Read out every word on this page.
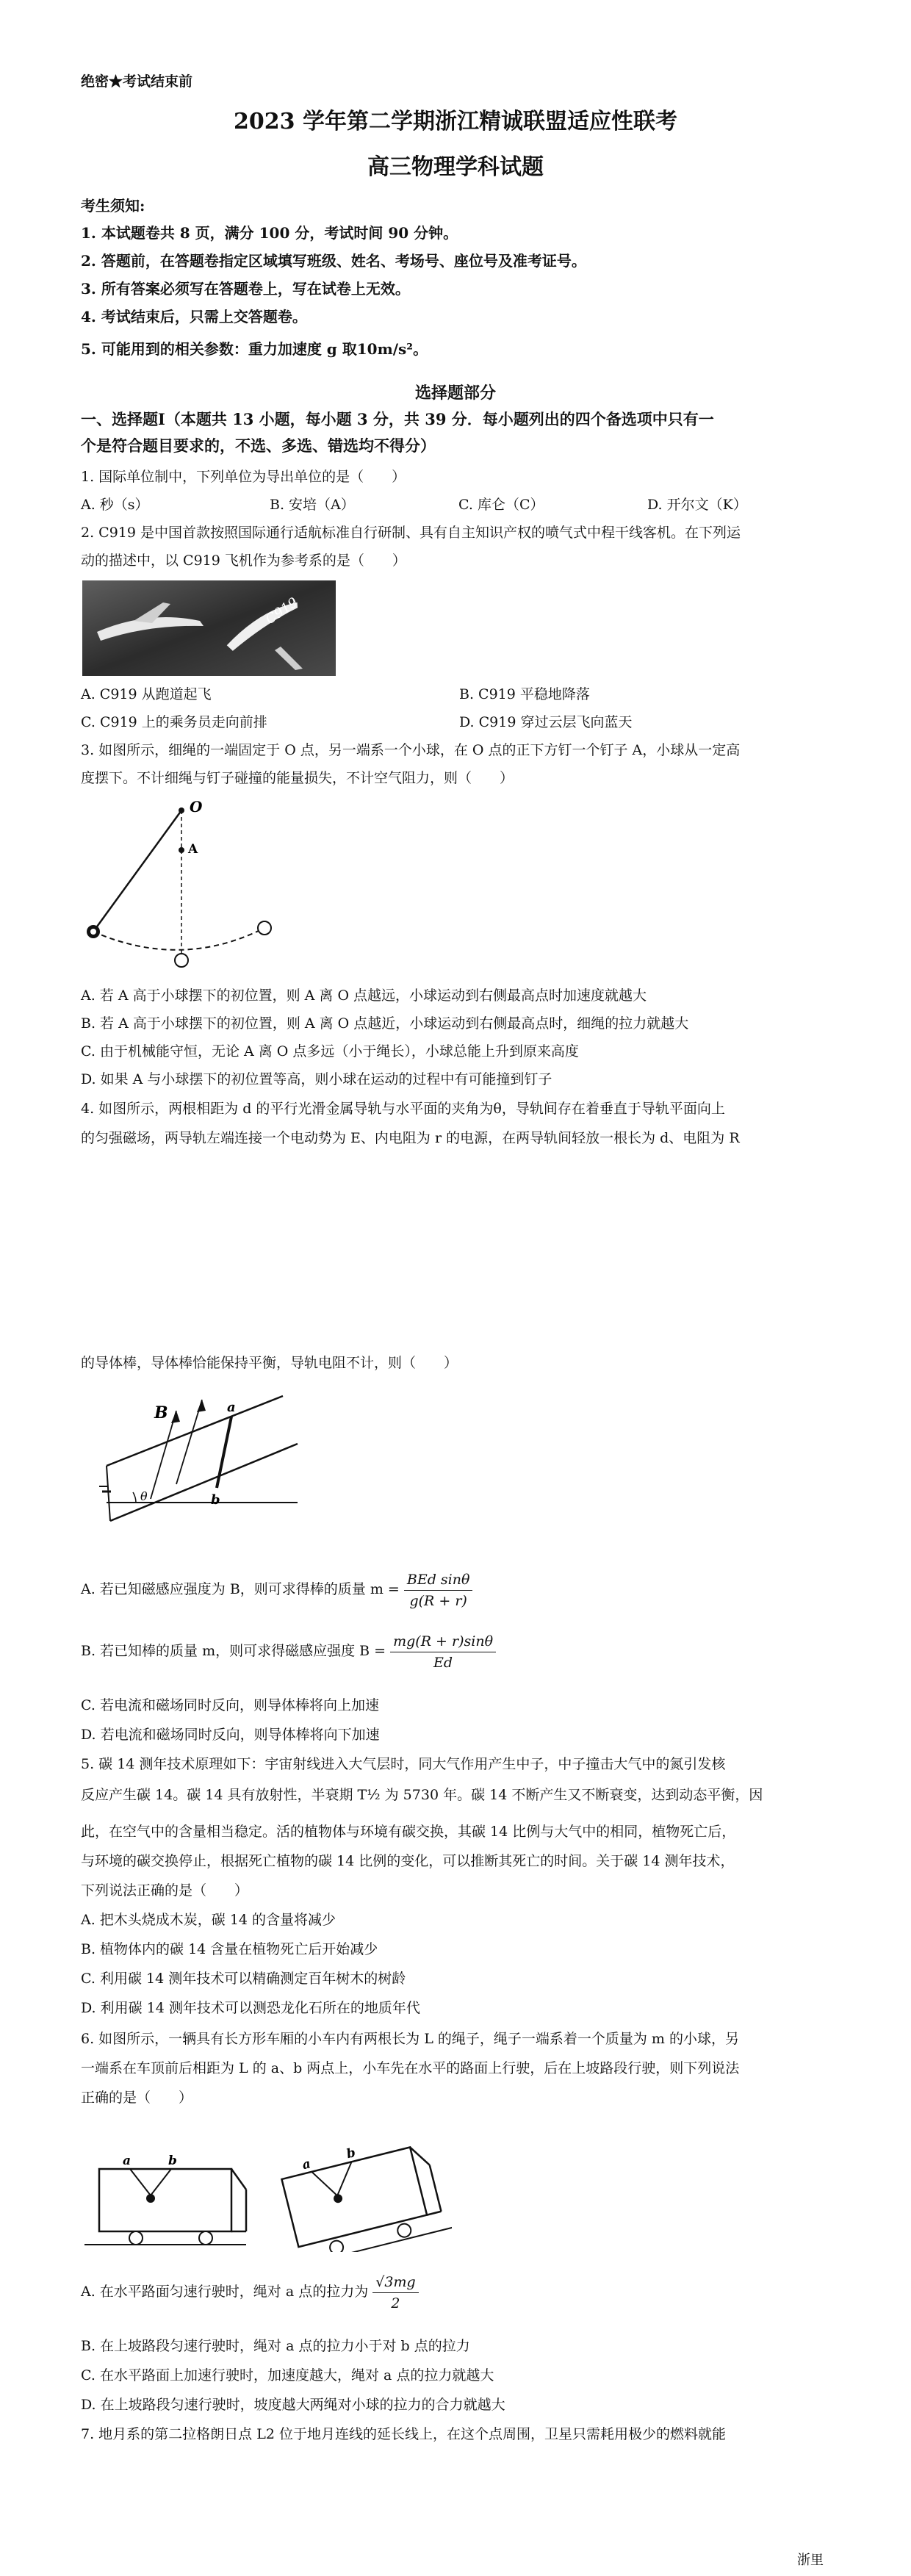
绝密★考试结束前
2023 学年第二学期浙江精诚联盟适应性联考
高三物理学科试题
考生须知:
1. 本试题卷共 8 页，满分 100 分，考试时间 90 分钟。
2. 答题前，在答题卷指定区域填写班级、姓名、考场号、座位号及准考证号。
3. 所有答案必须写在答题卷上，写在试卷上无效。
4. 考试结束后，只需上交答题卷。
5. 可能用到的相关参数：重力加速度 g 取10m/s²。
选择题部分
一、选择题Ⅰ（本题共 13 小题，每小题 3 分，共 39 分．每小题列出的四个备选项中只有一
个是符合题目要求的，不选、多选、错选均不得分）
1. 国际单位制中，下列单位为导出单位的是（　　）
A. 秒（s）	B. 安培（A）	C. 库仑（C）	D. 开尔文（K）
2. C919 是中国首款按照国际通行适航标准自行研制、具有自主知识产权的喷气式中程干线客机。在下列运
动的描述中，以 C919 飞机作为参考系的是（　　）
C919
A. C919 从跑道起飞	B. C919 平稳地降落
C. C919 上的乘务员走向前排	D. C919 穿过云层飞向蓝天
3. 如图所示，细绳的一端固定于 O 点，另一端系一个小球，在 O 点的正下方钉一个钉子 A，小球从一定高
度摆下。不计细绳与钉子碰撞的能量损失，不计空气阻力，则（　　）
O
A
A. 若 A 高于小球摆下的初位置，则 A 离 O 点越远，小球运动到右侧最高点时加速度就越大
B. 若 A 高于小球摆下的初位置，则 A 离 O 点越近，小球运动到右侧最高点时，细绳的拉力就越大
C. 由于机械能守恒，无论 A 离 O 点多远（小于绳长），小球总能上升到原来高度
D. 如果 A 与小球摆下的初位置等高，则小球在运动的过程中有可能撞到钉子
4. 如图所示，两根相距为 d 的平行光滑金属导轨与水平面的夹角为θ，导轨间存在着垂直于导轨平面向上
的匀强磁场，两导轨左端连接一个电动势为 E、内电阻为 r 的电源，在两导轨间轻放一根长为 d、电阻为 R
的导体棒，导体棒恰能保持平衡，导轨电阻不计，则（　　）
B	a
b
θ
A. 若已知磁感应强度为 B，则可求得棒的质量 $m = \frac{\text{BEd sinθ}}{g(R + r)}$
B. 若已知棒的质量 m，则可求得磁感应强度 $B = \frac{mg(R + r)\sin\theta}{Ed}$
C. 若电流和磁场同时反向，则导体棒将向上加速
D. 若电流和磁场同时反向，则导体棒将向下加速
5. 碳 14 测年技术原理如下：宇宙射线进入大气层时，同大气作用产生中子，中子撞击大气中的氮引发核
反应产生碳 14。碳 14 具有放射性，半衰期 T½ 为 5730 年。碳 14 不断产生又不断衰变，达到动态平衡，因
此，在空气中的含量相当稳定。活的植物体与环境有碳交换，其碳 14 比例与大气中的相同，植物死亡后，
与环境的碳交换停止，根据死亡植物的碳 14 比例的变化，可以推断其死亡的时间。关于碳 14 测年技术，
下列说法正确的是（　　）
A. 把木头烧成木炭，碳 14 的含量将减少
B. 植物体内的碳 14 含量在植物死亡后开始减少
C. 利用碳 14 测年技术可以精确测定百年树木的树龄
D. 利用碳 14 测年技术可以测恐龙化石所在的地质年代
6. 如图所示，一辆具有长方形车厢的小车内有两根长为 L 的绳子，绳子一端系着一个质量为 m 的小球，另
一端系在车顶前后相距为 L 的 a、b 两点上，小车先在水平的路面上行驶，后在上坡路段行驶，则下列说法
正确的是（　　）
a	b	a
b
A. 在水平路面匀速行驶时，绳对 a 点的拉力为 $\frac{√3mg}{2}$
B. 在上坡路段匀速行驶时，绳对 a 点的拉力小于对 b 点的拉力
C. 在水平路面上加速行驶时，加速度越大，绳对 a 点的拉力就越大
D. 在上坡路段匀速行驶时，坡度越大两绳对小球的拉力的合力就越大
7. 地月系的第二拉格朗日点 L2 位于地月连线的延长线上，在这个点周围，卫星只需耗用极少的燃料就能
浙里
